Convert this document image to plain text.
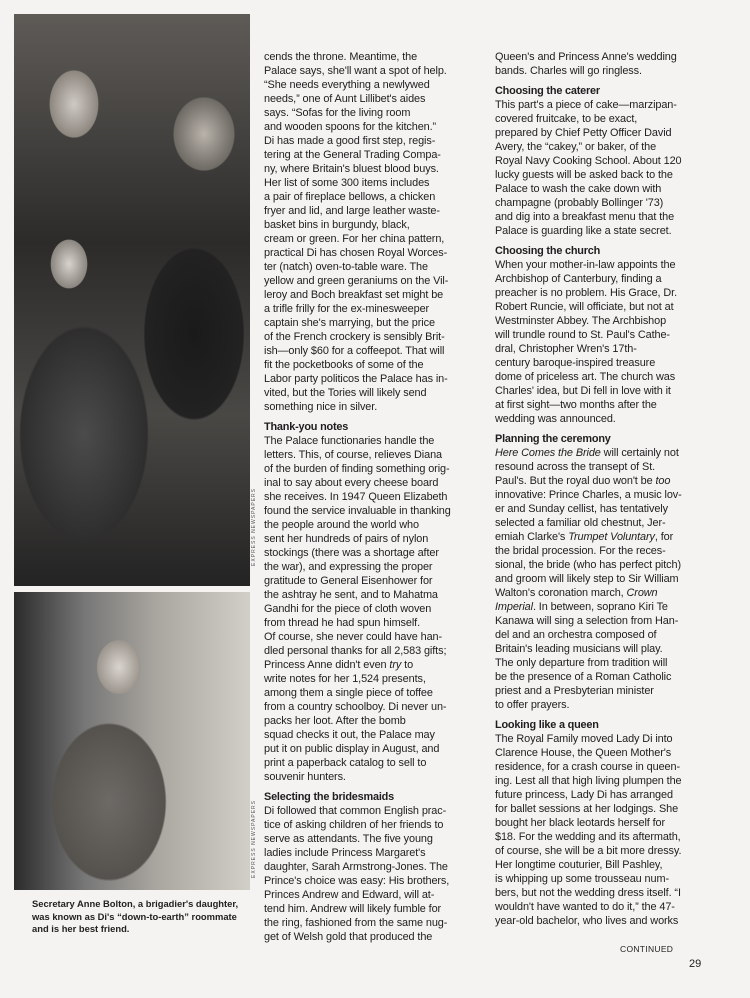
EXPRESS NEWSPAPERS
EXPRESS NEWSPAPERS
Secretary Anne Bolton, a brigadier's daughter, was known as Di's “down-to-earth” roommate and is her best friend.
cends the throne. Meantime, the
Palace says, she'll want a spot of help.
“She needs everything a newlywed
needs,” one of Aunt Lillibet's aides
says. “Sofas for the living room
and wooden spoons for the kitchen.”
Di has made a good first step, regis-
tering at the General Trading Compa-
ny, where Britain's bluest blood buys.
Her list of some 300 items includes
a pair of fireplace bellows, a chicken
fryer and lid, and large leather waste-
basket bins in burgundy, black,
cream or green. For her china pattern,
practical Di has chosen Royal Worces-
ter (natch) oven-to-table ware. The
yellow and green geraniums on the Vil-
leroy and Boch breakfast set might be
a trifle frilly for the ex-minesweeper
captain she's marrying, but the price
of the French crockery is sensibly Brit-
ish—only $60 for a coffeepot. That will
fit the pocketbooks of some of the
Labor party politicos the Palace has in-
vited, but the Tories will likely send
something nice in silver.
Thank-you notes
The Palace functionaries handle the
letters. This, of course, relieves Diana
of the burden of finding something orig-
inal to say about every cheese board
she receives. In 1947 Queen Elizabeth
found the service invaluable in thanking
the people around the world who
sent her hundreds of pairs of nylon
stockings (there was a shortage after
the war), and expressing the proper
gratitude to General Eisenhower for
the ashtray he sent, and to Mahatma
Gandhi for the piece of cloth woven
from thread he had spun himself.
Of course, she never could have han-
dled personal thanks for all 2,583 gifts;
Princess Anne didn't even try to
write notes for her 1,524 presents,
among them a single piece of toffee
from a country schoolboy. Di never un-
packs her loot. After the bomb
squad checks it out, the Palace may
put it on public display in August, and
print a paperback catalog to sell to
souvenir hunters.
Selecting the bridesmaids
Di followed that common English prac-
tice of asking children of her friends to
serve as attendants. The five young
ladies include Princess Margaret's
daughter, Sarah Armstrong-Jones. The
Prince's choice was easy: His brothers,
Princes Andrew and Edward, will at-
tend him. Andrew will likely fumble for
the ring, fashioned from the same nug-
get of Welsh gold that produced the
Queen's and Princess Anne's wedding
bands. Charles will go ringless.
Choosing the caterer
This part's a piece of cake—marzipan-
covered fruitcake, to be exact,
prepared by Chief Petty Officer David
Avery, the “cakey,” or baker, of the
Royal Navy Cooking School. About 120
lucky guests will be asked back to the
Palace to wash the cake down with
champagne (probably Bollinger '73)
and dig into a breakfast menu that the
Palace is guarding like a state secret.
Choosing the church
When your mother-in-law appoints the
Archbishop of Canterbury, finding a
preacher is no problem. His Grace, Dr.
Robert Runcie, will officiate, but not at
Westminster Abbey. The Archbishop
will trundle round to St. Paul's Cathe-
dral, Christopher Wren's 17th-
century baroque-inspired treasure
dome of priceless art. The church was
Charles' idea, but Di fell in love with it
at first sight—two months after the
wedding was announced.
Planning the ceremony
Here Comes the Bride will certainly not
resound across the transept of St.
Paul's. But the royal duo won't be too
innovative: Prince Charles, a music lov-
er and Sunday cellist, has tentatively
selected a familiar old chestnut, Jer-
emiah Clarke's Trumpet Voluntary, for
the bridal procession. For the reces-
sional, the bride (who has perfect pitch)
and groom will likely step to Sir William
Walton's coronation march, Crown
Imperial. In between, soprano Kiri Te
Kanawa will sing a selection from Han-
del and an orchestra composed of
Britain's leading musicians will play.
The only departure from tradition will
be the presence of a Roman Catholic
priest and a Presbyterian minister
to offer prayers.
Looking like a queen
The Royal Family moved Lady Di into
Clarence House, the Queen Mother's
residence, for a crash course in queen-
ing. Lest all that high living plumpen the
future princess, Lady Di has arranged
for ballet sessions at her lodgings. She
bought her black leotards herself for
$18. For the wedding and its aftermath,
of course, she will be a bit more dressy.
Her longtime couturier, Bill Pashley,
is whipping up some trousseau num-
bers, but not the wedding dress itself. “I
wouldn't have wanted to do it,” the 47-
year-old bachelor, who lives and works
CONTINUED
29
